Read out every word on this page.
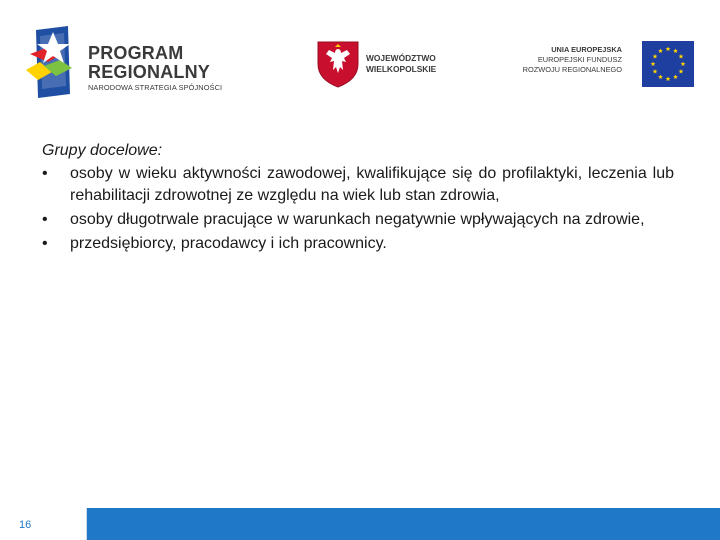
PROGRAM
REGIONALNY
NARODOWA STRATEGIA SPÓJNOŚCI
WOJEWÓDZTWO
WIELKOPOLSKIE
UNIA EUROPEJSKA
EUROPEJSKI FUNDUSZ
ROZWOJU REGIONALNEGO
Grupy docelowe:
•	osoby w wieku aktywności zawodowej, kwalifikujące się do profilaktyki, leczenia lub rehabilitacji zdrowotnej ze względu na wiek lub stan zdrowia,
•	osoby długotrwale pracujące w warunkach negatywnie wpływających na zdrowie,
•	przedsiębiorcy, pracodawcy i ich pracownicy.
16
